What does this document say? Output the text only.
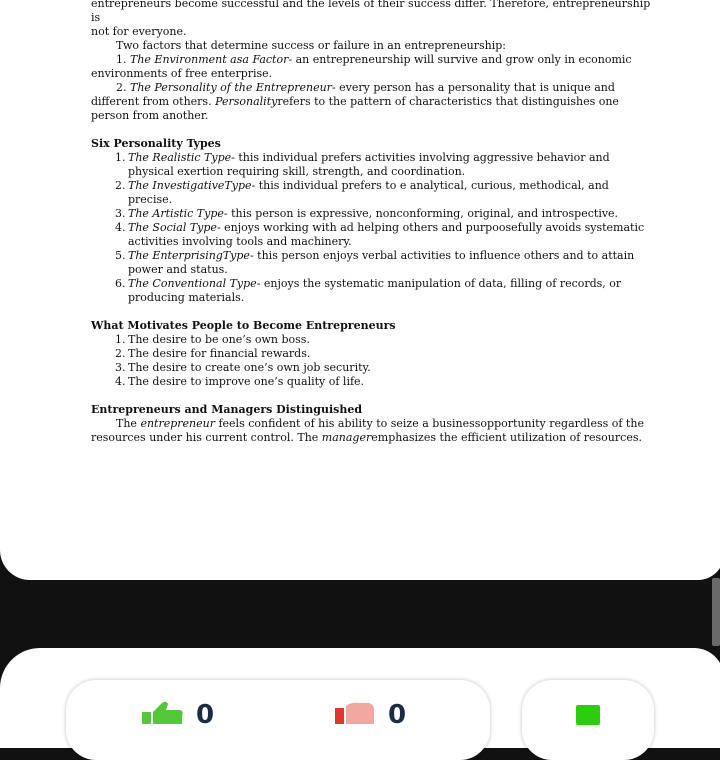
entrepreneurs become successful and the levels of their success differ. Therefore, entrepreneurship is
not for everyone.

Two factors that determine success or failure in an entrepreneurship:

1. The Environment asa Factor- an entrepreneurship will survive and grow only in economic environments of free enterprise.

2. The Personality of the Entrepreneur- every person has a personality that is unique and different from others. Personalityrefers to the pattern of characteristics that distinguishes one person from another.

Six Personality Types

1. The Realistic Type- this individual prefers activities involving aggressive behavior and physical exertion requiring skill, strength, and coordination.

2. The InvestigativeType- this individual prefers to e analytical, curious, methodical, and precise.

3. The Artistic Type- this person is expressive, nonconforming, original, and introspective.

4. The Social Type- enjoys working with ad helping others and purpoosefully avoids systematic activities involving tools and machinery.

5. The EnterprisingType- this person enjoys verbal activities to influence others and to attain power and status.

6. The Conventional Type- enjoys the systematic manipulation of data, filling of records, or producing materials.

What Motivates People to Become Entrepreneurs

1. The desire to be one’s own boss.

2. The desire for financial rewards.

3. The desire to create one’s own job security.

4. The desire to improve one’s quality of life.

Entrepreneurs and Managers Distinguished

The entrepreneur feels confident of his ability to seize a businessopportunity regardless of the resources under his current control. The manageremphasizes the efficient utilization of resources.

0	0
